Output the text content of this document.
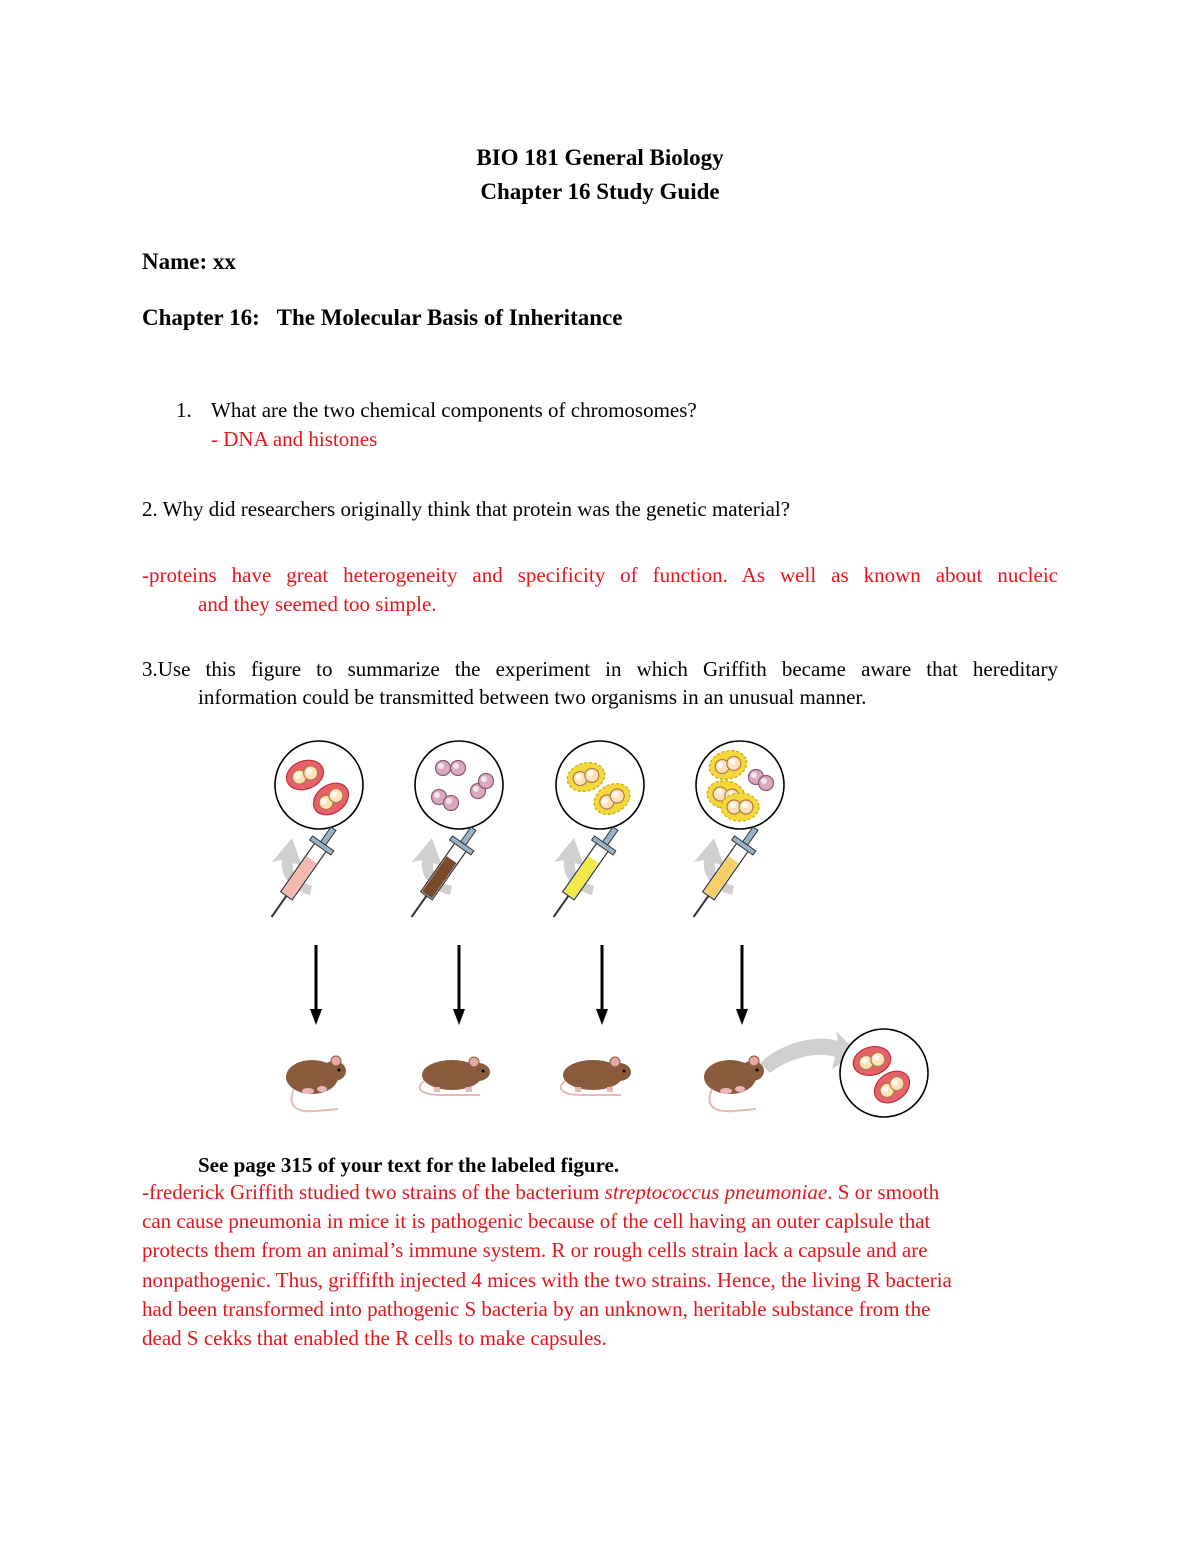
BIO 181 General Biology
Chapter 16 Study Guide
Name: xx
Chapter 16: The Molecular Basis of Inheritance
1. What are the two chemical components of chromosomes?
- DNA and histones
2. Why did researchers originally think that protein was the genetic material?
-proteins have great heterogeneity and specificity of function. As well as known about nucleic
and they seemed too simple.
3.Use this figure to summarize the experiment in which Griffith became aware that hereditary
information could be transmitted between two organisms in an unusual manner.
See page 315 of your text for the labeled figure.
-frederick Griffith studied two strains of the bacterium streptococcus pneumoniae. S or smooth
can cause pneumonia in mice it is pathogenic because of the cell having an outer caplsule that
protects them from an animal’s immune system. R or rough cells strain lack a capsule and are
nonpathogenic. Thus, griffifth injected 4 mices with the two strains. Hence, the living R bacteria
had been transformed into pathogenic S bacteria by an unknown, heritable substance from the
dead S cekks that enabled the R cells to make capsules.
